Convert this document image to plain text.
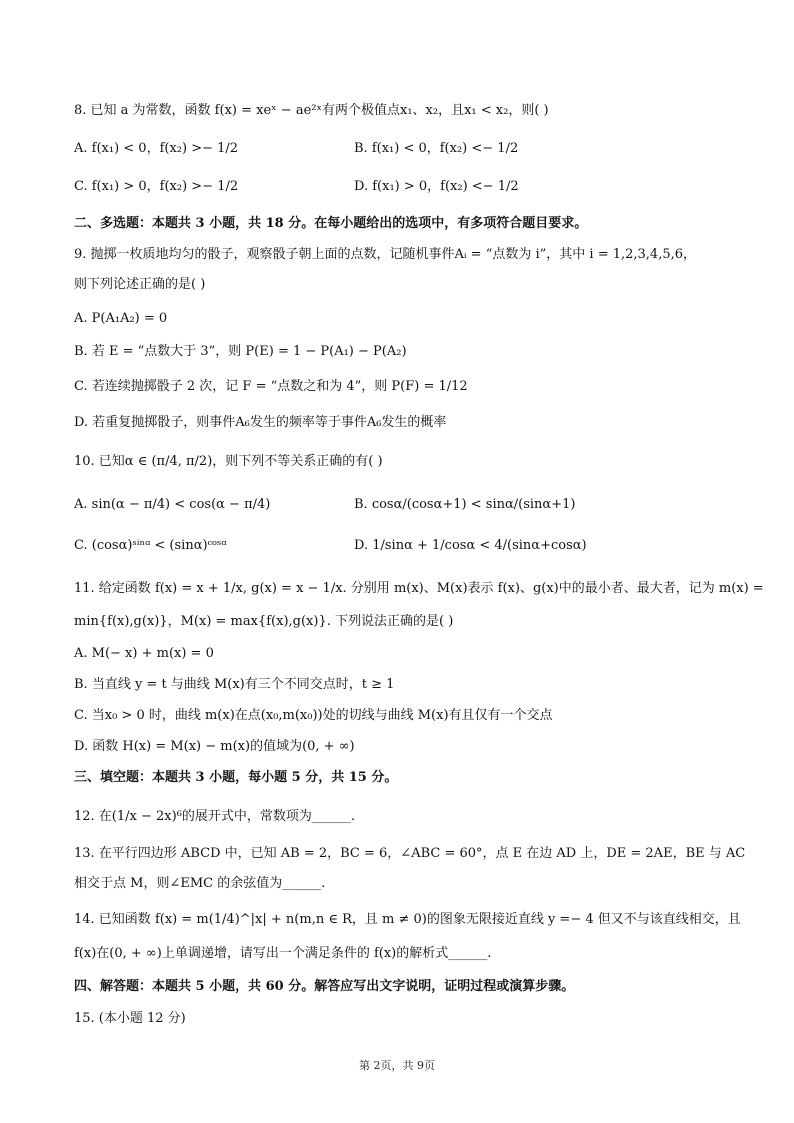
8. 已知 a 为常数，函数 f(x) = xeˣ − ae²ˣ有两个极值点x₁、x₂，且x₁ < x₂，则( )
A. f(x₁) < 0，f(x₂) >− 1/2	B. f(x₁) < 0，f(x₂) <− 1/2
C. f(x₁) > 0，f(x₂) >− 1/2	D. f(x₁) > 0，f(x₂) <− 1/2
二、多选题：本题共 3 小题，共 18 分。在每小题给出的选项中，有多项符合题目要求。
9. 抛掷一枚质地均匀的骰子，观察骰子朝上面的点数，记随机事件Aᵢ = “点数为 i”，其中 i = 1,2,3,4,5,6，
则下列论述正确的是( )
A. P(A₁A₂) = 0
B. 若 E = “点数大于 3”，则 P(E) = 1 − P(A₁) − P(A₂)
C. 若连续抛掷骰子 2 次，记 F = “点数之和为 4”，则 P(F) = 1/12
D. 若重复抛掷骰子，则事件A₆发生的频率等于事件A₆发生的概率
10. 已知α ∈ (π/4, π/2)，则下列不等关系正确的有( )
A. sin(α − π/4) < cos(α − π/4)	B. cosα/(cosα+1) < sinα/(sinα+1)
C. (cosα)ˢⁱⁿᵅ < (sinα)ᶜᵒˢᵅ	D. 1/sinα + 1/cosα < 4/(sinα+cosα)
11. 给定函数 f(x) = x + 1/x, g(x) = x − 1/x. 分别用 m(x)、M(x)表示 f(x)、g(x)中的最小者、最大者，记为 m(x) =
min{f(x),g(x)}，M(x) = max{f(x),g(x)}. 下列说法正确的是( )
A. M(− x) + m(x) = 0
B. 当直线 y = t 与曲线 M(x)有三个不同交点时，t ≥ 1
C. 当x₀ > 0 时，曲线 m(x)在点(x₀,m(x₀))处的切线与曲线 M(x)有且仅有一个交点
D. 函数 H(x) = M(x) − m(x)的值域为(0, + ∞)
三、填空题：本题共 3 小题，每小题 5 分，共 15 分。
12. 在(1/x − 2x)⁶的展开式中，常数项为______.
13. 在平行四边形 ABCD 中，已知 AB = 2，BC = 6，∠ABC = 60°，点 E 在边 AD 上，DE = 2AE，BE 与 AC
相交于点 M，则∠EMC 的余弦值为______.
14. 已知函数 f(x) = m(1/4)^|x| + n(m,n ∈ R，且 m ≠ 0)的图象无限接近直线 y =− 4 但又不与该直线相交，且
f(x)在(0, + ∞)上单调递增，请写出一个满足条件的 f(x)的解析式______.
四、解答题：本题共 5 小题，共 60 分。解答应写出文字说明，证明过程或演算步骤。
15. (本小题 12 分)
第 2页，共 9页
